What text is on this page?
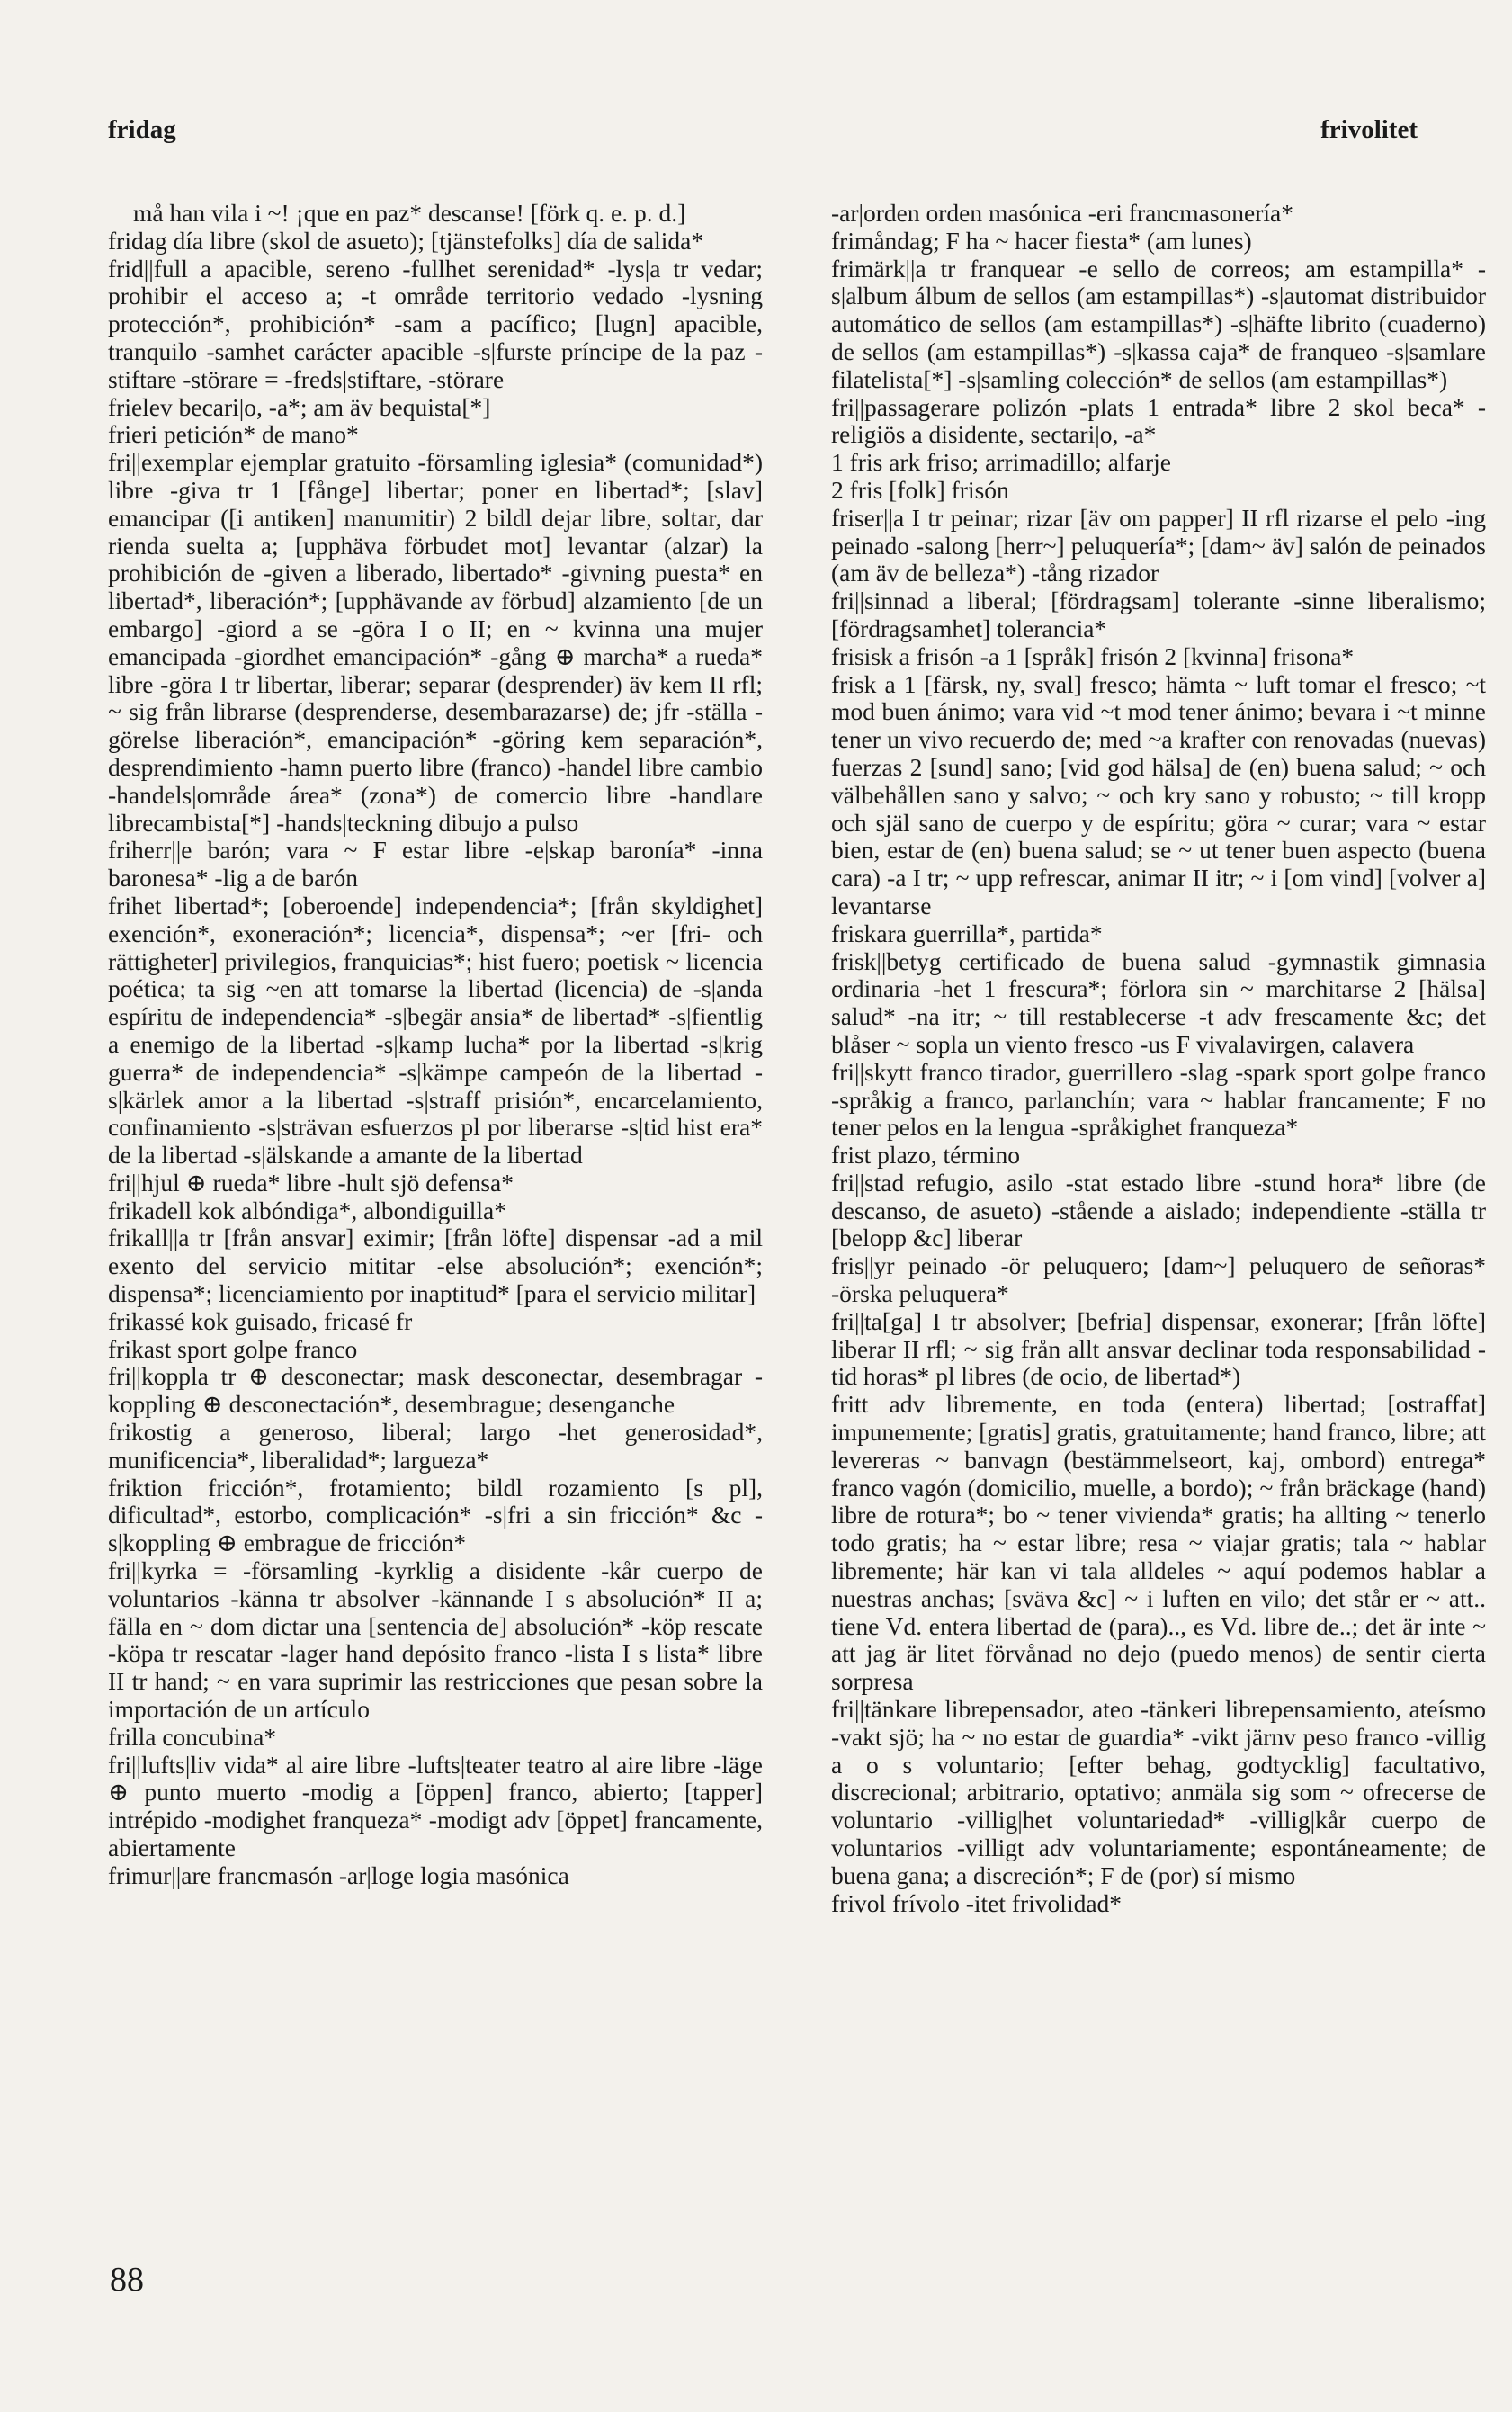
fridag	frivolitet

må han vila i ~! ¡que en paz* descanse! [förk q. e. p. d.]

fridag día libre (skol de asueto); [tjänstefolks] día de salida*

frid||full a apacible, sereno -fullhet serenidad* -lys|a tr vedar; prohibir el acceso a; -t område territorio vedado -lysning protección*, prohibición* -sam a pacífico; [lugn] apacible, tranquilo -samhet carácter apacible -s|furste príncipe de la paz -stiftare -störare = -freds|stiftare, -störare

frielev becari|o, -a*; am äv bequista[*]

frieri petición* de mano*

fri||exemplar ejemplar gratuito -församling iglesia* (comunidad*) libre -giva tr 1 [fånge] libertar; poner en libertad*; [slav] emancipar ([i antiken] manumitir) 2 bildl dejar libre, soltar, dar rienda suelta a; [upphäva förbudet mot] levantar (alzar) la prohibición de -given a liberado, libertado* -givning puesta* en libertad*, liberación*; [upphävande av förbud] alzamiento [de un embargo] -giord a se -göra I o II; en ~ kvinna una mujer emancipada -giordhet emancipación* -gång ⊕ marcha* a rueda* libre -göra I tr libertar, liberar; separar (desprender) äv kem II rfl; ~ sig från librarse (desprenderse, desembarazarse) de; jfr -ställa -görelse liberación*, emancipación* -göring kem separación*, desprendimiento -hamn puerto libre (franco) -handel libre cambio -handels|område área* (zona*) de comercio libre -handlare librecambista[*] -hands|teckning dibujo a pulso

friherr||e barón; vara ~ F estar libre -e|skap baronía* -inna baronesa* -lig a de barón

frihet libertad*; [oberoende] independencia*; [från skyldighet] exención*, exoneración*; licencia*, dispensa*; ~er [fri- och rättigheter] privilegios, franquicias*; hist fuero; poetisk ~ licencia poética; ta sig ~en att tomarse la libertad (licencia) de -s|anda espíritu de independencia* -s|begär ansia* de libertad* -s|fientlig a enemigo de la libertad -s|kamp lucha* por la libertad -s|krig guerra* de independencia* -s|kämpe campeón de la libertad -s|kärlek amor a la libertad -s|straff prisión*, encarcelamiento, confinamiento -s|strävan esfuerzos pl por liberarse -s|tid hist era* de la libertad -s|älskande a amante de la libertad

fri||hjul ⊕ rueda* libre -hult sjö defensa*

frikadell kok albóndiga*, albondiguilla*

frikall||a tr [från ansvar] eximir; [från löfte] dispensar -ad a mil exento del servicio mititar -else absolución*; exención*; dispensa*; licenciamiento por inaptitud* [para el servicio militar]

frikassé kok guisado, fricasé fr

frikast sport golpe franco

fri||koppla tr ⊕ desconectar; mask desconectar, desembragar -koppling ⊕ desconectación*, desembrague; desenganche

frikostig a generoso, liberal; largo -het generosidad*, munificencia*, liberalidad*; largueza*

friktion fricción*, frotamiento; bildl rozamiento [s pl], dificultad*, estorbo, complicación* -s|fri a sin fricción* &c -s|koppling ⊕ embrague de fricción*

fri||kyrka = -församling -kyrklig a disidente -kår cuerpo de voluntarios -känna tr absolver -kännande I s absolución* II a; fälla en ~ dom dictar una [sentencia de] absolución* -köp rescate -köpa tr rescatar -lager hand depósito franco -lista I s lista* libre II tr hand; ~ en vara suprimir las restricciones que pesan sobre la importación de un artículo

frilla concubina*

fri||lufts|liv vida* al aire libre -lufts|teater teatro al aire libre -läge ⊕ punto muerto -modig a [öppen] franco, abierto; [tapper] intrépido -modighet franqueza* -modigt adv [öppet] francamente, abiertamente

frimur||are francmasón -ar|loge logia masónica

-ar|orden orden masónica -eri francmasonería*

frimåndag; F ha ~ hacer fiesta* (am lunes)

frimärk||a tr franquear -e sello de correos; am estampilla* -s|album álbum de sellos (am estampillas*) -s|automat distribuidor automático de sellos (am estampillas*) -s|häfte librito (cuaderno) de sellos (am estampillas*) -s|kassa caja* de franqueo -s|samlare filatelista[*] -s|samling colección* de sellos (am estampillas*)

fri||passagerare polizón -plats 1 entrada* libre 2 skol beca* -religiös a disidente, sectari|o, -a*

1 fris ark friso; arrimadillo; alfarje

2 fris [folk] frisón

friser||a I tr peinar; rizar [äv om papper] II rfl rizarse el pelo -ing peinado -salong [herr~] peluquería*; [dam~ äv] salón de peinados (am äv de belleza*) -tång rizador

fri||sinnad a liberal; [fördragsam] tolerante -sinne liberalismo; [fördragsamhet] tolerancia*

frisisk a frisón -a 1 [språk] frisón 2 [kvinna] frisona*

frisk a 1 [färsk, ny, sval] fresco; hämta ~ luft tomar el fresco; ~t mod buen ánimo; vara vid ~t mod tener ánimo; bevara i ~t minne tener un vivo recuerdo de; med ~a krafter con renovadas (nuevas) fuerzas 2 [sund] sano; [vid god hälsa] de (en) buena salud; ~ och välbehållen sano y salvo; ~ och kry sano y robusto; ~ till kropp och själ sano de cuerpo y de espíritu; göra ~ curar; vara ~ estar bien, estar de (en) buena salud; se ~ ut tener buen aspecto (buena cara) -a I tr; ~ upp refrescar, animar II itr; ~ i [om vind] [volver a] levantarse

friskara guerrilla*, partida*

frisk||betyg certificado de buena salud -gymnastik gimnasia ordinaria -het 1 frescura*; förlora sin ~ marchitarse 2 [hälsa] salud* -na itr; ~ till restablecerse -t adv frescamente &c; det blåser ~ sopla un viento fresco -us F vivalavirgen, calavera

fri||skytt franco tirador, guerrillero -slag -spark sport golpe franco -språkig a franco, parlanchín; vara ~ hablar francamente; F no tener pelos en la lengua -språkighet franqueza*

frist plazo, término

fri||stad refugio, asilo -stat estado libre -stund hora* libre (de descanso, de asueto) -stående a aislado; independiente -ställa tr [belopp &c] liberar

fris||yr peinado -ör peluquero; [dam~] peluquero de señoras* -örska peluquera*

fri||ta[ga] I tr absolver; [befria] dispensar, exonerar; [från löfte] liberar II rfl; ~ sig från allt ansvar declinar toda responsabilidad -tid horas* pl libres (de ocio, de libertad*)

fritt adv libremente, en toda (entera) libertad; [ostraffat] impunemente; [gratis] gratis, gratuitamente; hand franco, libre; att levereras ~ banvagn (bestämmelseort, kaj, ombord) entrega* franco vagón (domicilio, muelle, a bordo); ~ från bräckage (hand) libre de rotura*; bo ~ tener vivienda* gratis; ha allting ~ tenerlo todo gratis; ha ~ estar libre; resa ~ viajar gratis; tala ~ hablar libremente; här kan vi tala alldeles ~ aquí podemos hablar a nuestras anchas; [sväva &c] ~ i luften en vilo; det står er ~ att.. tiene Vd. entera libertad de (para).., es Vd. libre de..; det är inte ~ att jag är litet förvånad no dejo (puedo menos) de sentir cierta sorpresa

fri||tänkare librepensador, ateo -tänkeri librepensamiento, ateísmo -vakt sjö; ha ~ no estar de guardia* -vikt järnv peso franco -villig a o s voluntario; [efter behag, godtycklig] facultativo, discrecional; arbitrario, optativo; anmäla sig som ~ ofrecerse de voluntario -villig|het voluntariedad* -villig|kår cuerpo de voluntarios -villigt adv voluntariamente; espontáneamente; de buena gana; a discreción*; F de (por) sí mismo

frivol frívolo -itet frivolidad*

88
